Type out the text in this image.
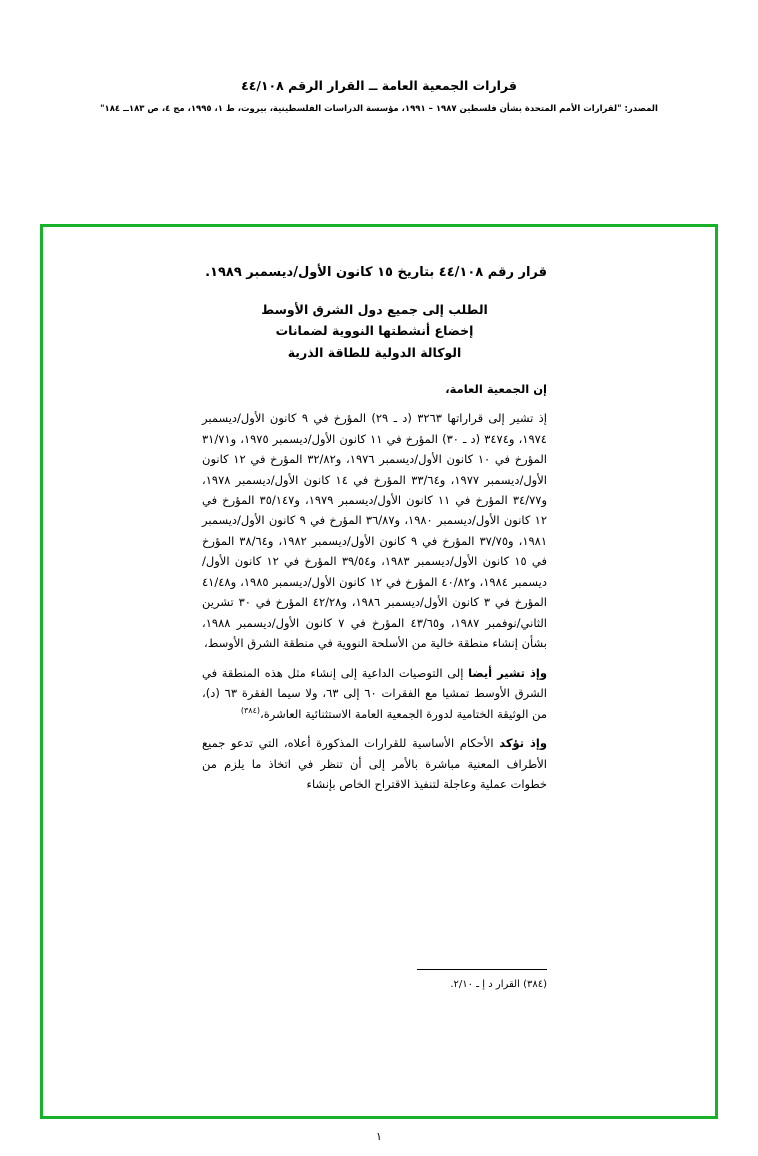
قرارات الجمعية العامة ــ القرار الرقم ٤٤/١٠٨
المصدر: "لقرارات الأمم المتحدة بشأن فلسطين ١٩٨٧ – ١٩٩١، مؤسسة الدراسات الفلسطينية، بيروت، ط ١، ١٩٩٥، مج ٤، ص ١٨٣ــ ١٨٤"
قرار رقم ٤٤/١٠٨ بتاريخ ١٥ كانون الأول/ديسمبر ١٩٨٩.
الطلب إلى جميع دول الشرق الأوسط
إخضاع أنشطتها النووية لضمانات
الوكالة الدولية للطاقة الذرية
إن الجمعية العامة،
إذ تشير إلى قراراتها ٣٢٦٣ (د ـ ٢٩) المؤرخ في ٩ كانون الأول/ديسمبر ١٩٧٤، و٣٤٧٤ (د ـ ٣٠) المؤرخ في ١١ كانون الأول/ديسمبر ١٩٧٥، و٣١/٧١ المؤرخ في ١٠ كانون الأول/ديسمبر ١٩٧٦، و٣٢/٨٢ المؤرخ في ١٢ كانون الأول/ديسمبر ١٩٧٧، و٣٣/٦٤ المؤرخ في ١٤ كانون الأول/ديسمبر ١٩٧٨، و٣٤/٧٧ المؤرخ في ١١ كانون الأول/ديسمبر ١٩٧٩، و٣٥/١٤٧ المؤرخ في ١٢ كانون الأول/ديسمبر ١٩٨٠، و٣٦/٨٧ المؤرخ في ٩ كانون الأول/ديسمبر ١٩٨١، و٣٧/٧٥ المؤرخ في ٩ كانون الأول/ديسمبر ١٩٨٢، و٣٨/٦٤ المؤرخ في ١٥ كانون الأول/ديسمبر ١٩٨٣، و٣٩/٥٤ المؤرخ في ١٢ كانون الأول/ديسمبر ١٩٨٤، و٤٠/٨٢ المؤرخ في ١٢ كانون الأول/ديسمبر ١٩٨٥، و٤١/٤٨ المؤرخ في ٣ كانون الأول/ديسمبر ١٩٨٦، و٤٢/٢٨ المؤرخ في ٣٠ تشرين الثاني/نوفمبر ١٩٨٧، و٤٣/٦٥ المؤرخ في ٧ كانون الأول/ديسمبر ١٩٨٨، بشأن إنشاء منطقة خالية من الأسلحة النووية في منطقة الشرق الأوسط،
وإذ تشير أيضا إلى التوصيات الداعية إلى إنشاء مثل هذه المنطقة في الشرق الأوسط تمشيا مع الفقرات ٦٠ إلى ٦٣، ولا سيما الفقرة ٦٣ (د)، من الوثيقة الختامية لدورة الجمعية العامة الاستثنائية العاشرة،$^{(٣٨٤)}$
وإذ تؤكد الأحكام الأساسية للقرارات المذكورة أعلاه، التي تدعو جميع الأطراف المعنية مباشرة بالأمر إلى أن تنظر في اتخاذ ما يلزم من خطوات عملية وعاجلة لتنفيذ الاقتراح الخاص بإنشاء
(٣٨٤) القرار د إ ـ ٢/١٠.
١
